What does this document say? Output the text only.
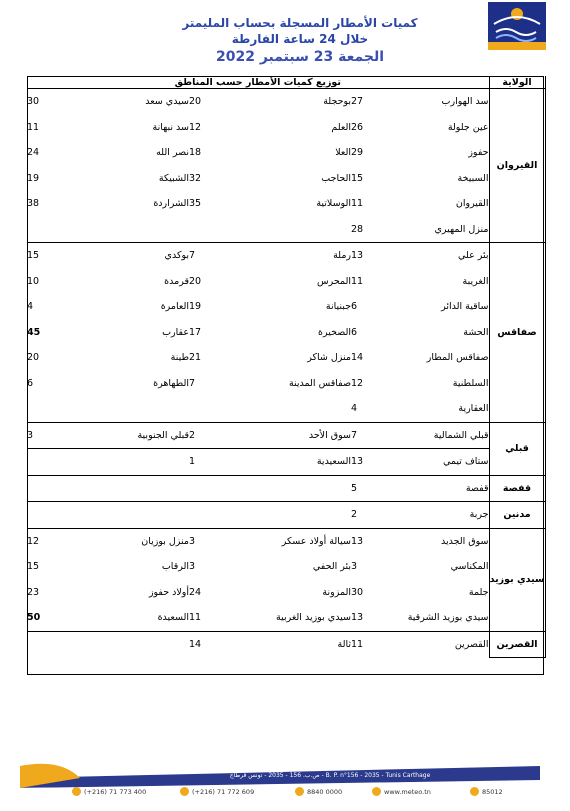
كميات الأمطار المسجلة بحساب المليمتر
خلال 24 ساعة الفارطة
الجمعة 23 سبتمبر 2022
الولاية	توزيع كميات الأمطار حسب المناطق					
القيروان	سد الهوارب	27	بوحجلة	20	سيدي سعد	30
	عين جلولة	26	العلم	12	سد نبهانة	11
	حفوز	29	العلا	18	نصر الله	24
	السبيخة	15	الحاجب	32	الشبيكة	19
	القيروان	11	الوسلاتية	35	الشراردة	38
	منزل المهيري	28				
صفاقس	بئر علي	13	رملة	7	بوكدي	15
	الغريبة	11	المحرس	20	قرمدة	10
	ساقية الدائر	6	جبنيانة	19	العامرة	4
	الحشة	6	الصخيرة	17	عقارب	45
	صفاقس المطار	14	منزل شاكر	21	طينة	20
	السلطنية	12	صفاقس المدينة	7	الطهاهرة	6
	العقارية	4				
قبلي	قبلي الشمالية	7	سوق الأحد	2	قبلي الجنوبية	3
	ستاف تيمي	13	السعيدية	1		
قفصة	قفصة	5				
مدنين	جربة	2				
سيدي بوزيد	سوق الجديد	13	سيالة أولاد عسكر	3	منزل بوزيان	12
	المكناسي	3	بئر الحفي	3	الرقاب	15
	جلمة	30	المزونة	24	أولاد حفوز	23
	سيدي بوزيد الشرقية	13	سيدي بوزيد الغربية	11	السعيدة	50
القصرين	القصرين	11	ثالة	14		
ص.ب. 156 - 2035 - تونس قرطاج - B. P. n°156 - 2035 - Tunis Carthage
(+216) 71 773 400	(+216) 71 772 609	8840 0000	www.meteo.tn	85012
